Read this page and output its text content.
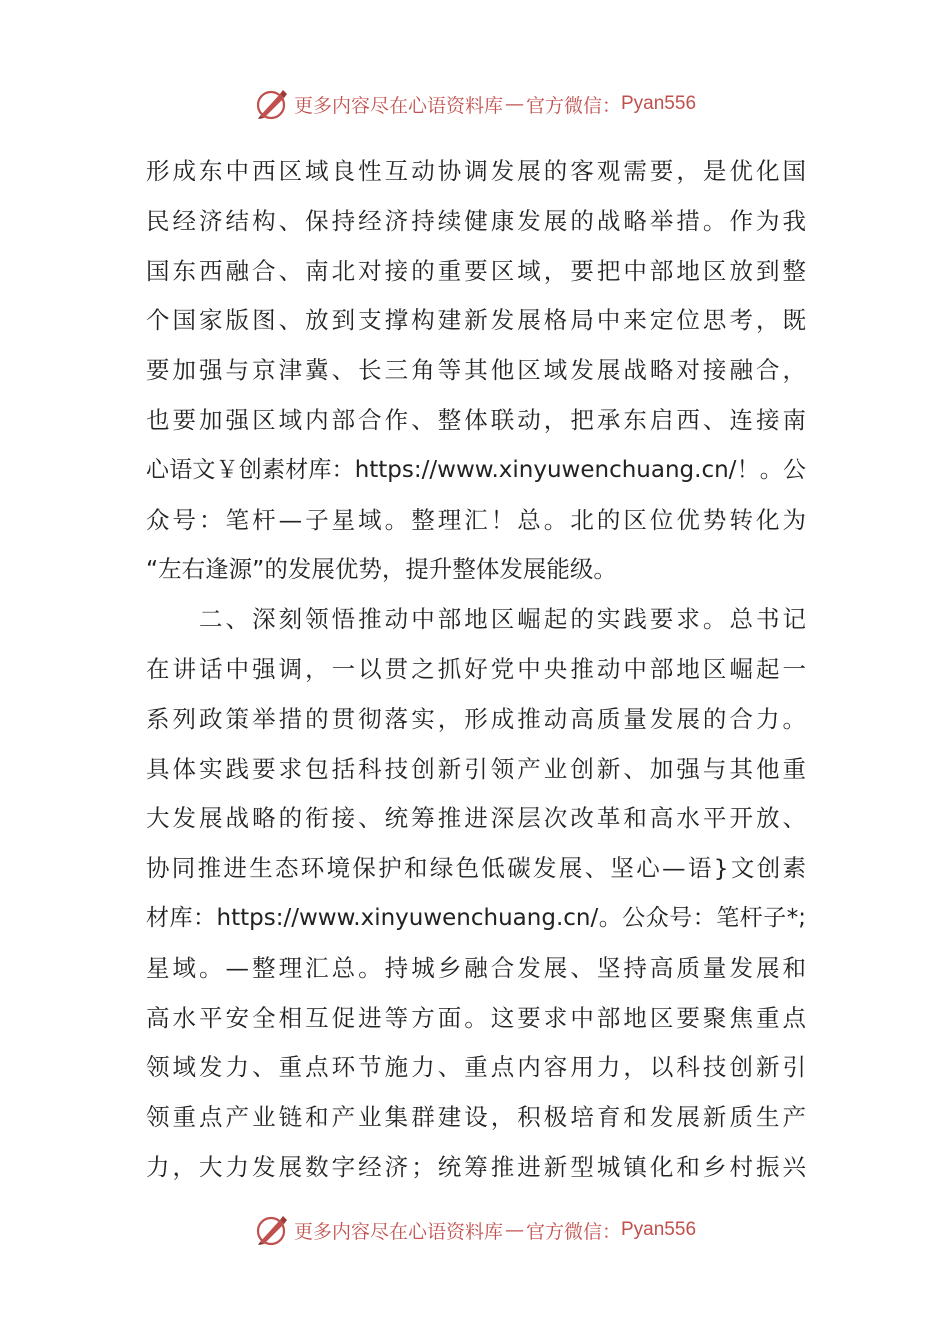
更多内容尽在心语资料库 — 官方微信： Pyan556
形成东中西区域良性互动协调发展的客观需要，是优化国
民经济结构、保持经济持续健康发展的战略举措。作为我
国东西融合、南北对接的重要区域，要把中部地区放到整
个国家版图、放到支撑构建新发展格局中来定位思考，既
要加强与京津冀、长三角等其他区域发展战略对接融合，
也要加强区域内部合作、整体联动，把承东启西、连接南
心语文￥创素材库：https://www.xinyuwenchuang.cn/！。公
众号：笔杆—子星域。整理汇！总。北的区位优势转化为
“左右逢源”的发展优势，提升整体发展能级。
　　二、深刻领悟推动中部地区崛起的实践要求。总书记
在讲话中强调，一以贯之抓好党中央推动中部地区崛起一
系列政策举措的贯彻落实，形成推动高质量发展的合力。
具体实践要求包括科技创新引领产业创新、加强与其他重
大发展战略的衔接、统筹推进深层次改革和高水平开放、
协同推进生态环境保护和绿色低碳发展、坚心—语}文创素
材库：https://www.xinyuwenchuang.cn/。公众号：笔杆子*;
星域。—整理汇总。持城乡融合发展、坚持高质量发展和
高水平安全相互促进等方面。这要求中部地区要聚焦重点
领域发力、重点环节施力、重点内容用力，以科技创新引
领重点产业链和产业集群建设，积极培育和发展新质生产
力，大力发展数字经济；统筹推进新型城镇化和乡村振兴
更多内容尽在心语资料库 — 官方微信： Pyan556
